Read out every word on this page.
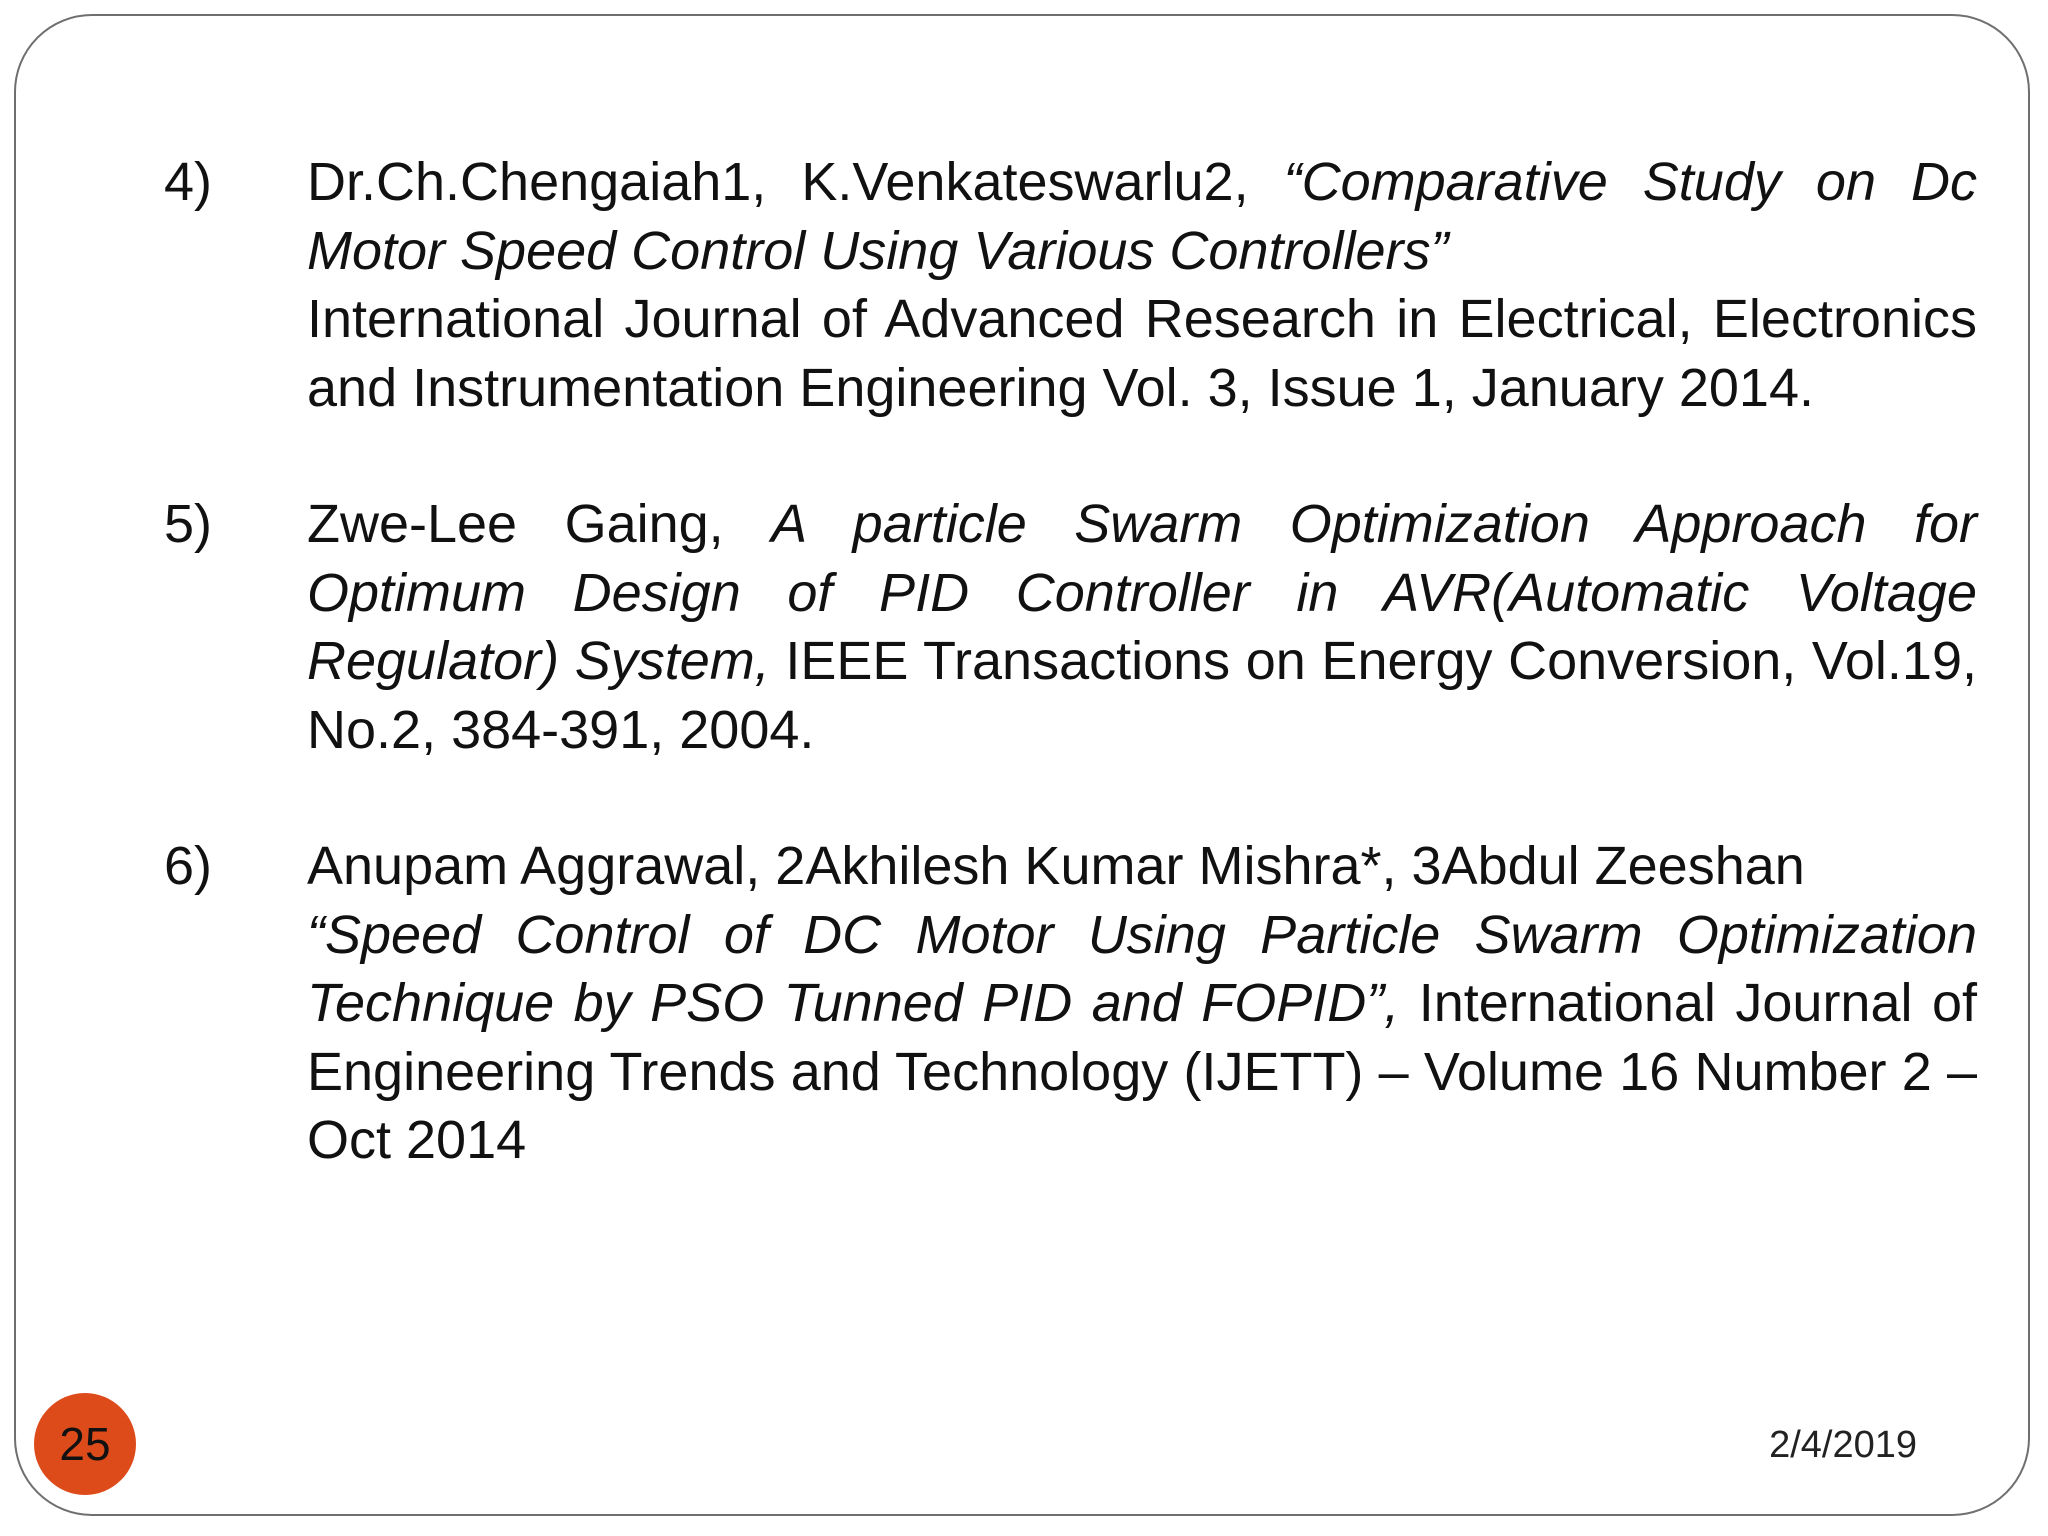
4) Dr.Ch.Chengaiah1, K.Venkateswarlu2, “Comparative Study on Dc Motor Speed Control Using Various Controllers”
International Journal of Advanced Research in Electrical, Electronics and Instrumentation Engineering Vol. 3, Issue 1, January 2014.
5) Zwe-Lee Gaing, A particle Swarm Optimization Approach for Optimum Design of PID Controller in AVR(Automatic Voltage Regulator) System, IEEE Transactions on Energy Conversion, Vol.19, No.2, 384-391, 2004.
6) Anupam Aggrawal, 2Akhilesh Kumar Mishra*, 3Abdul Zeeshan
“Speed Control of DC Motor Using Particle Swarm Optimization Technique by PSO Tunned PID and FOPID”, International Journal of Engineering Trends and Technology (IJETT) – Volume 16 Number 2 – Oct 2014
25	2/4/2019
